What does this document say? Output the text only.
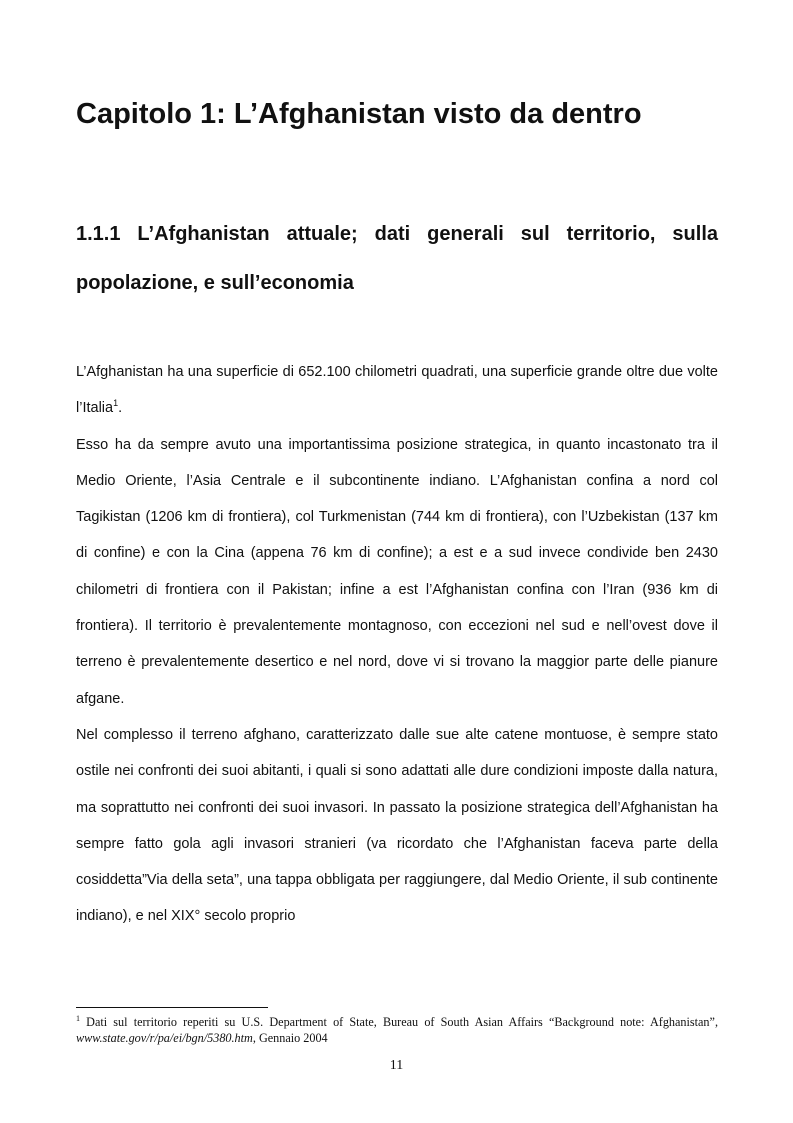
Capitolo 1: L’Afghanistan visto da dentro
1.1.1 L’Afghanistan attuale; dati generali sul territorio, sulla popolazione, e sull’economia

L’Afghanistan ha una superficie di 652.100 chilometri quadrati, una superficie grande oltre due volte l’Italia$^1$.

Esso ha da sempre avuto una importantissima posizione strategica, in quanto incastonato tra il Medio Oriente, l’Asia Centrale e il subcontinente indiano. L’Afghanistan confina a nord col Tagikistan (1206 km di frontiera), col Turkmenistan (744 km di frontiera), con l’Uzbekistan (137 km di confine) e con la Cina (appena 76 km di confine); a est e a sud invece condivide ben 2430 chilometri di frontiera con il Pakistan; infine a est l’Afghanistan confina con l’Iran (936 km di frontiera). Il territorio è prevalentemente montagnoso, con eccezioni nel sud e nell’ovest dove il terreno è prevalentemente desertico e nel nord, dove vi si trovano la maggior parte delle pianure afgane.

Nel complesso il terreno afghano, caratterizzato dalle sue alte catene montuose, è sempre stato ostile nei confronti dei suoi abitanti, i quali si sono adattati alle dure condizioni imposte dalla natura, ma soprattutto nei confronti dei suoi invasori. In passato la posizione strategica dell’Afghanistan ha sempre fatto gola agli invasori stranieri (va ricordato che l’Afghanistan faceva parte della cosiddetta”Via della seta”, una tappa obbligata per raggiungere, dal Medio Oriente, il sub continente indiano), e nel XIX° secolo proprio

$^1$ Dati sul territorio reperiti su U.S. Department of State, Bureau of South Asian Affairs “Background note: Afghanistan”, www.state.gov/r/pa/ei/bgn/5380.htm, Gennaio 2004

11
